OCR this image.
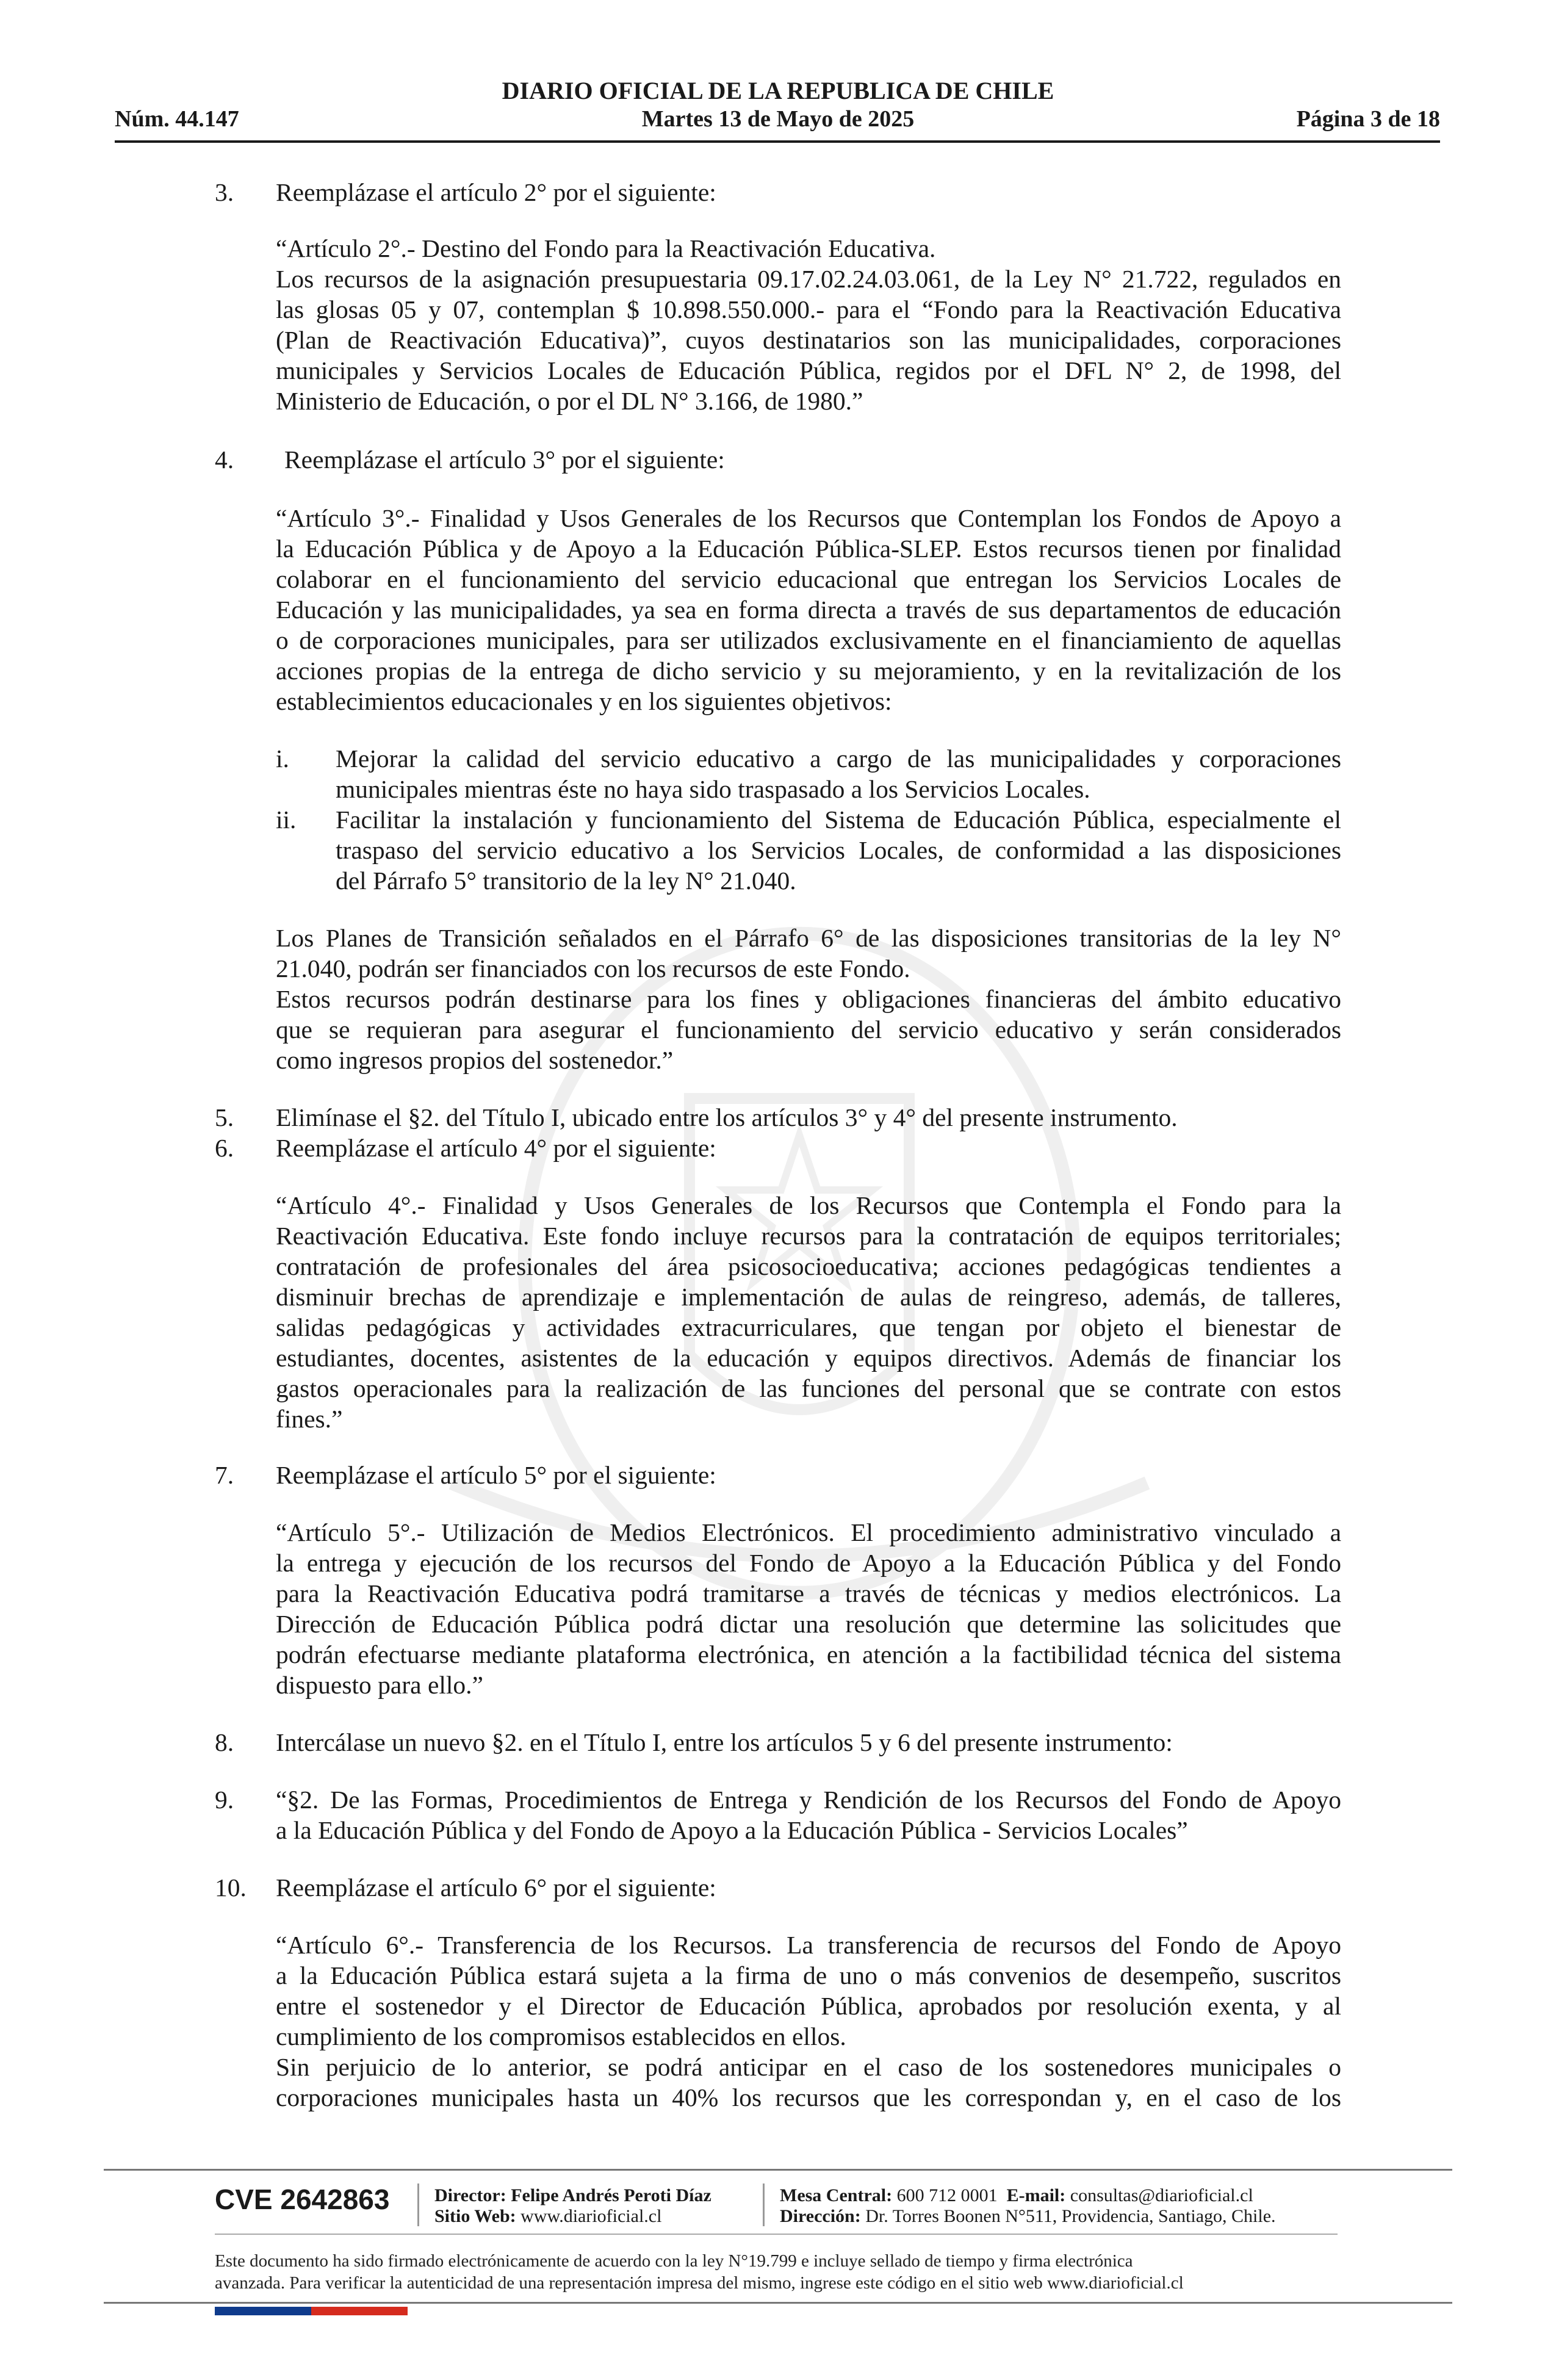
DIARIO OFICIAL DE LA REPUBLICA DE CHILE
Martes 13 de Mayo de 2025
Núm. 44.147	Página 3 de 18
3. Reemplázase el artículo 2° por el siguiente:
“Artículo 2°.- Destino del Fondo para la Reactivación Educativa.
Los recursos de la asignación presupuestaria 09.17.02.24.03.061, de la Ley N° 21.722, regulados en
las glosas 05 y 07, contemplan $ 10.898.550.000.- para el “Fondo para la Reactivación Educativa
(Plan de Reactivación Educativa)”, cuyos destinatarios son las municipalidades, corporaciones
municipales y Servicios Locales de Educación Pública, regidos por el DFL N° 2, de 1998, del
Ministerio de Educación, o por el DL N° 3.166, de 1980.”
4. Reemplázase el artículo 3° por el siguiente:
“Artículo 3°.- Finalidad y Usos Generales de los Recursos que Contemplan los Fondos de Apoyo a
la Educación Pública y de Apoyo a la Educación Pública-SLEP. Estos recursos tienen por finalidad
colaborar en el funcionamiento del servicio educacional que entregan los Servicios Locales de
Educación y las municipalidades, ya sea en forma directa a través de sus departamentos de educación
o de corporaciones municipales, para ser utilizados exclusivamente en el financiamiento de aquellas
acciones propias de la entrega de dicho servicio y su mejoramiento, y en la revitalización de los
establecimientos educacionales y en los siguientes objetivos:
i. Mejorar la calidad del servicio educativo a cargo de las municipalidades y corporaciones
municipales mientras éste no haya sido traspasado a los Servicios Locales.
ii. Facilitar la instalación y funcionamiento del Sistema de Educación Pública, especialmente el
traspaso del servicio educativo a los Servicios Locales, de conformidad a las disposiciones
del Párrafo 5° transitorio de la ley N° 21.040.
Los Planes de Transición señalados en el Párrafo 6° de las disposiciones transitorias de la ley N°
21.040, podrán ser financiados con los recursos de este Fondo.
Estos recursos podrán destinarse para los fines y obligaciones financieras del ámbito educativo
que se requieran para asegurar el funcionamiento del servicio educativo y serán considerados
como ingresos propios del sostenedor.”
5. Elimínase el §2. del Título I, ubicado entre los artículos 3° y 4° del presente instrumento.
6. Reemplázase el artículo 4° por el siguiente:
“Artículo 4°.- Finalidad y Usos Generales de los Recursos que Contempla el Fondo para la
Reactivación Educativa. Este fondo incluye recursos para la contratación de equipos territoriales;
contratación de profesionales del área psicosocioeducativa; acciones pedagógicas tendientes a
disminuir brechas de aprendizaje e implementación de aulas de reingreso, además, de talleres,
salidas pedagógicas y actividades extracurriculares, que tengan por objeto el bienestar de
estudiantes, docentes, asistentes de la educación y equipos directivos. Además de financiar los
gastos operacionales para la realización de las funciones del personal que se contrate con estos
fines.”
7. Reemplázase el artículo 5° por el siguiente:
“Artículo 5°.- Utilización de Medios Electrónicos. El procedimiento administrativo vinculado a
la entrega y ejecución de los recursos del Fondo de Apoyo a la Educación Pública y del Fondo
para la Reactivación Educativa podrá tramitarse a través de técnicas y medios electrónicos. La
Dirección de Educación Pública podrá dictar una resolución que determine las solicitudes que
podrán efectuarse mediante plataforma electrónica, en atención a la factibilidad técnica del sistema
dispuesto para ello.”
8. Intercálase un nuevo §2. en el Título I, entre los artículos 5 y 6 del presente instrumento:
9. “§2. De las Formas, Procedimientos de Entrega y Rendición de los Recursos del Fondo de Apoyo
a la Educación Pública y del Fondo de Apoyo a la Educación Pública - Servicios Locales”
10. Reemplázase el artículo 6° por el siguiente:
“Artículo 6°.- Transferencia de los Recursos. La transferencia de recursos del Fondo de Apoyo
a la Educación Pública estará sujeta a la firma de uno o más convenios de desempeño, suscritos
entre el sostenedor y el Director de Educación Pública, aprobados por resolución exenta, y al
cumplimiento de los compromisos establecidos en ellos.
Sin perjuicio de lo anterior, se podrá anticipar en el caso de los sostenedores municipales o
corporaciones municipales hasta un 40% los recursos que les correspondan y, en el caso de los
CVE 2642863 Director: Felipe Andrés Peroti Díaz
Sitio Web: www.diarioficial.cl
Mesa Central: 600 712 0001 E-mail: consultas@diarioficial.cl
Dirección: Dr. Torres Boonen N°511, Providencia, Santiago, Chile.
Este documento ha sido firmado electrónicamente de acuerdo con la ley N°19.799 e incluye sellado de tiempo y firma electrónica
avanzada. Para verificar la autenticidad de una representación impresa del mismo, ingrese este código en el sitio web www.diarioficial.cl
